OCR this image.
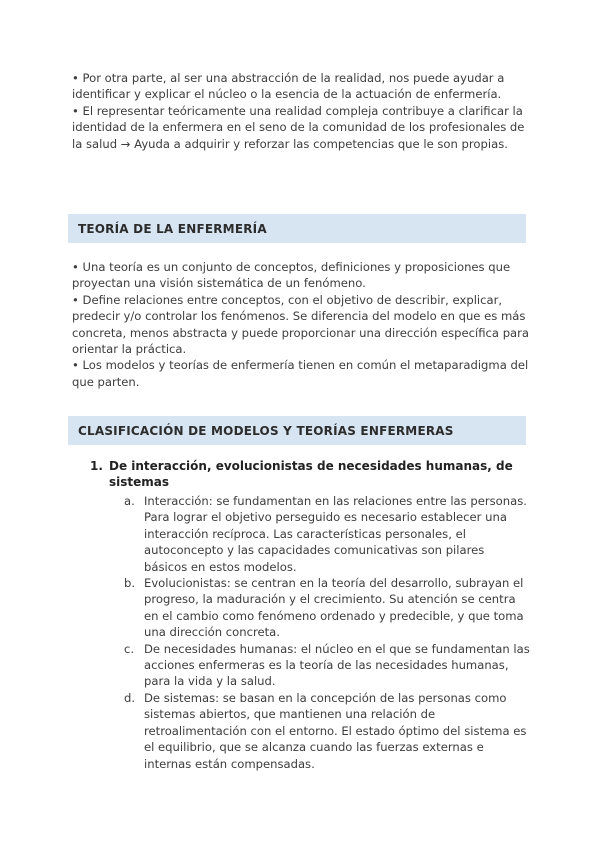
• Por otra parte, al ser una abstracción de la realidad, nos puede ayudar a identificar y explicar el núcleo o la esencia de la actuación de enfermería.

• El representar teóricamente una realidad compleja contribuye a clarificar la identidad de la enfermera en el seno de la comunidad de los profesionales de la salud → Ayuda a adquirir y reforzar las competencias que le son propias.

TEORÍA DE LA ENFERMERÍA

• Una teoría es un conjunto de conceptos, definiciones y proposiciones que proyectan una visión sistemática de un fenómeno.

• Define relaciones entre conceptos, con el objetivo de describir, explicar, predecir y/o controlar los fenómenos. Se diferencia del modelo en que es más concreta, menos abstracta y puede proporcionar una dirección específica para orientar la práctica.

• Los modelos y teorías de enfermería tienen en común el metaparadigma del que parten.

CLASIFICACIÓN DE MODELOS Y TEORÍAS ENFERMERAS
1. De interacción, evolucionistas de necesidades humanas, de sistemas
a. Interacción: se fundamentan en las relaciones entre las personas. Para lograr el objetivo perseguido es necesario establecer una interacción recíproca. Las características personales, el autoconcepto y las capacidades comunicativas son pilares básicos en estos modelos.
b. Evolucionistas: se centran en la teoría del desarrollo, subrayan el progreso, la maduración y el crecimiento. Su atención se centra en el cambio como fenómeno ordenado y predecible, y que toma una dirección concreta.
c. De necesidades humanas: el núcleo en el que se fundamentan las acciones enfermeras es la teoría de las necesidades humanas, para la vida y la salud.
d. De sistemas: se basan en la concepción de las personas como sistemas abiertos, que mantienen una relación de retroalimentación con el entorno. El estado óptimo del sistema es el equilibrio, que se alcanza cuando las fuerzas externas e internas están compensadas.
